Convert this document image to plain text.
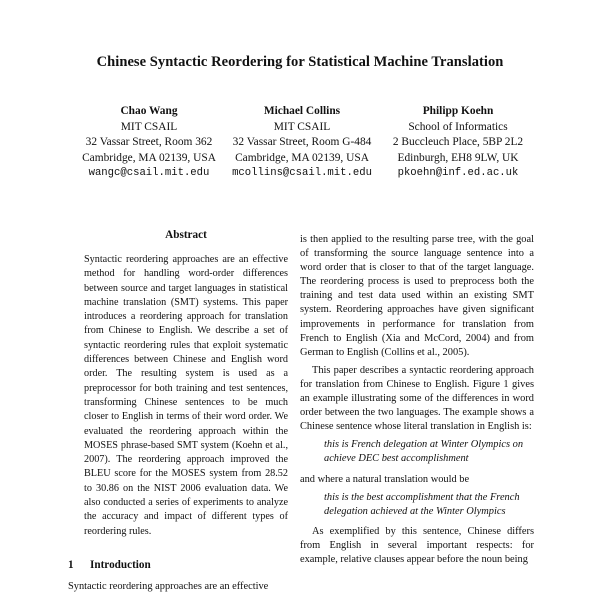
Chinese Syntactic Reordering for Statistical Machine Translation
Chao Wang
MIT CSAIL
32 Vassar Street, Room 362
Cambridge, MA 02139, USA
wangc@csail.mit.edu
Michael Collins
MIT CSAIL
32 Vassar Street, Room G-484
Cambridge, MA 02139, USA
mcollins@csail.mit.edu
Philipp Koehn
School of Informatics
2 Buccleuch Place, 5BP 2L2
Edinburgh, EH8 9LW, UK
pkoehn@inf.ed.ac.uk
Abstract

Syntactic reordering approaches are an effective method for handling word-order differences between source and target languages in statistical machine translation (SMT) systems. This paper introduces a reordering approach for translation from Chinese to English. We describe a set of syntactic reordering rules that exploit systematic differences between Chinese and English word order. The resulting system is used as a preprocessor for both training and test sentences, transforming Chinese sentences to be much closer to English in terms of their word order. We evaluated the reordering approach within the MOSES phrase-based SMT system (Koehn et al., 2007). The reordering approach improved the BLEU score for the MOSES system from 28.52 to 30.86 on the NIST 2006 evaluation data. We also conducted a series of experiments to analyze the accuracy and impact of different types of reordering rules.

1 Introduction
Syntactic reordering approaches are an effective

is then applied to the resulting parse tree, with the goal of transforming the source language sentence into a word order that is closer to that of the target language. The reordering process is used to preprocess both the training and test data used within an existing SMT system. Reordering approaches have given significant improvements in performance for translation from French to English (Xia and McCord, 2004) and from German to English (Collins et al., 2005).

This paper describes a syntactic reordering approach for translation from Chinese to English. Figure 1 gives an example illustrating some of the differences in word order between the two languages. The example shows a Chinese sentence whose literal translation in English is:

this is French delegation at Winter Olympics on achieve DEC best accomplishment

and where a natural translation would be

this is the best accomplishment that the French delegation achieved at the Winter Olympics

As exemplified by this sentence, Chinese differs from English in several important respects: for example, relative clauses appear before the noun being
